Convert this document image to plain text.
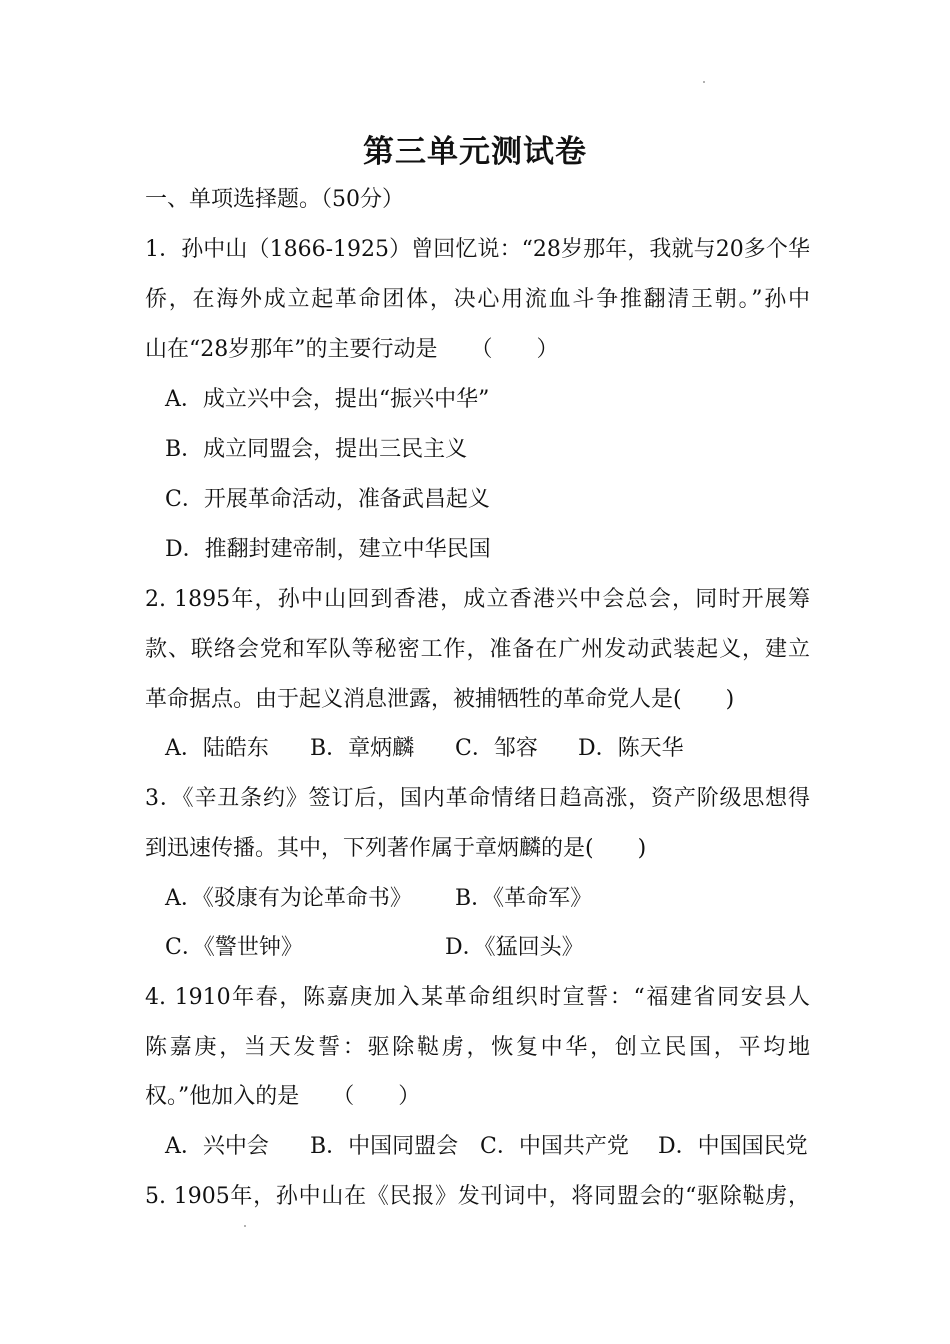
第三单元测试卷
一、单项选择题。（50分）
1．孙中山（1866-1925）曾回忆说：“28岁那年，我就与20多个华
侨，在海外成立起革命团体，决心用流血斗争推翻清王朝。”孙中
山在“28岁那年”的主要行动是　　（　　）
A．成立兴中会，提出“振兴中华”
B．成立同盟会，提出三民主义
C．开展革命活动，准备武昌起义
D．推翻封建帝制，建立中华民国
2. 1895年，孙中山回到香港，成立香港兴中会总会，同时开展筹
款、联络会党和军队等秘密工作，准备在广州发动武装起义，建立
革命据点。由于起义消息泄露，被捕牺牲的革命党人是(　　)
A．陆皓东 B．章炳麟 C．邹容 D．陈天华
3．《辛丑条约》签订后，国内革命情绪日趋高涨，资产阶级思想得
到迅速传播。其中，下列著作属于章炳麟的是(　　)
A．《驳康有为论革命书》 B．《革命军》
C．《警世钟》	D．《猛回头》
4. 1910年春，陈嘉庚加入某革命组织时宣誓：“福建省同安县人
陈嘉庚，当天发誓：驱除鞑虏，恢复中华，创立民国，平均地
权。”他加入的是　　（　　）
A．兴中会 B．中国同盟会 C．中国共产党 D．中国国民党
5. 1905年，孙中山在《民报》发刊词中，将同盟会的“驱除鞑虏，
